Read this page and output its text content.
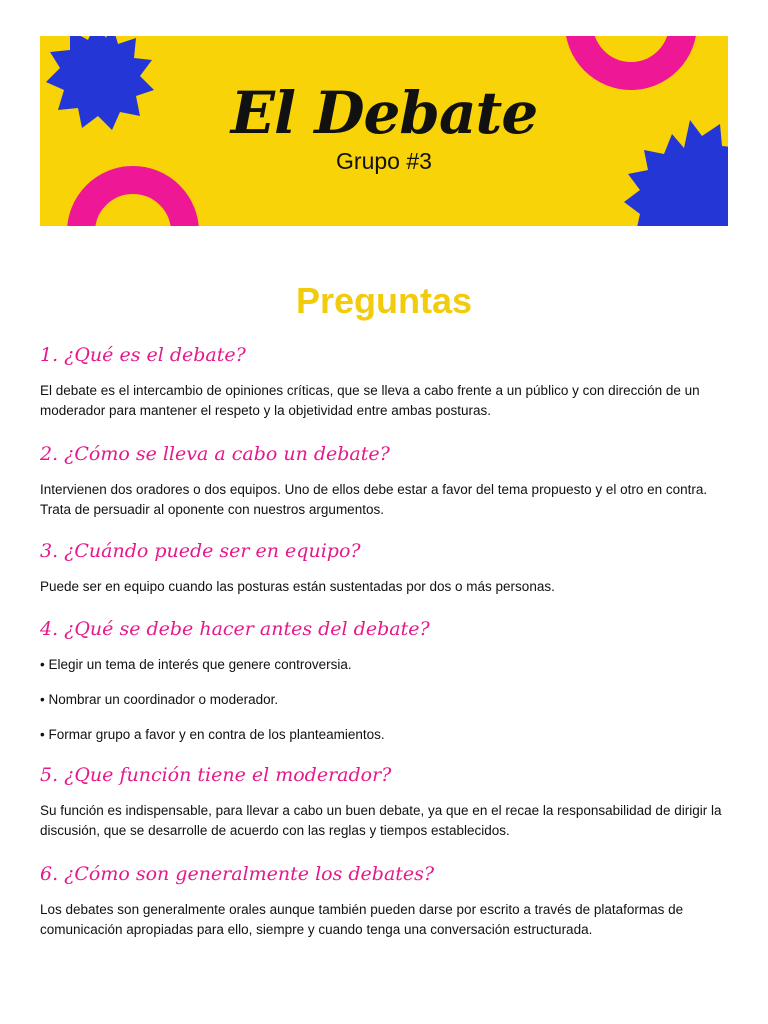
El Debate

Grupo #3

Preguntas

1. ¿Qué es el debate?

El debate es el intercambio de opiniones críticas, que se lleva a cabo frente a un público y con dirección de un moderador para mantener el respeto y la objetividad entre ambas posturas.

2. ¿Cómo se lleva a cabo un debate?

Intervienen dos oradores o dos equipos. Uno de ellos debe estar a favor del tema propuesto y el otro en contra. Trata de persuadir al oponente con nuestros argumentos.

3. ¿Cuándo puede ser en equipo?

Puede ser en equipo cuando las posturas están sustentadas por dos o más personas.

4. ¿Qué se debe hacer antes del debate?

• Elegir un tema de interés que genere controversia.

• Nombrar un coordinador o moderador.

• Formar grupo a favor y en contra de los planteamientos.

5. ¿Que función tiene el moderador?

Su función es indispensable, para llevar a cabo un buen debate, ya que en el recae la responsabilidad de dirigir la discusión, que se desarrolle de acuerdo con las reglas y tiempos establecidos.

6. ¿Cómo son generalmente los debates?

Los debates son generalmente orales aunque también pueden darse por escrito a través de plataformas de comunicación apropiadas para ello, siempre y cuando tenga una conversación estructurada.
